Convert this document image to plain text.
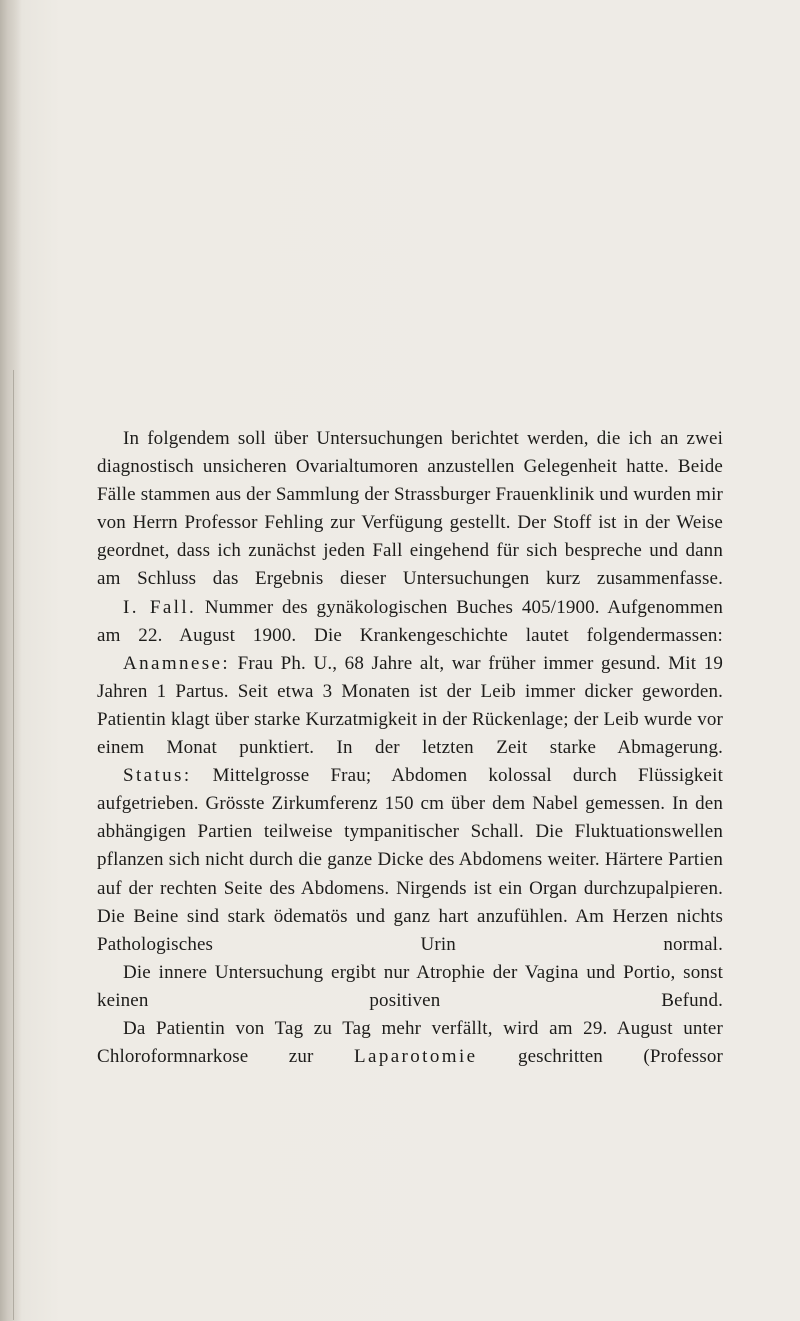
In folgendem soll über Untersuchungen berichtet werden, die ich an zwei diagnostisch unsicheren Ovarialtumoren anzustellen Gelegenheit hatte. Beide Fälle stammen aus der Sammlung der Strassburger Frauenklinik und wurden mir von Herrn Professor Fehling zur Verfügung gestellt. Der Stoff ist in der Weise geordnet, dass ich zunächst jeden Fall eingehend für sich bespreche und dann am Schluss das Ergebnis dieser Untersuchungen kurz zusammenfasse.

I. Fall. Nummer des gynäkologischen Buches 405/1900. Aufgenommen am 22. August 1900. Die Krankengeschichte lautet folgendermassen:

Anamnese: Frau Ph. U., 68 Jahre alt, war früher immer gesund. Mit 19 Jahren 1 Partus. Seit etwa 3 Monaten ist der Leib immer dicker geworden. Patientin klagt über starke Kurzatmigkeit in der Rückenlage; der Leib wurde vor einem Monat punktiert. In der letzten Zeit starke Abmagerung.

Status: Mittelgrosse Frau; Abdomen kolossal durch Flüssigkeit aufgetrieben. Grösste Zirkumferenz 150 cm über dem Nabel gemessen. In den abhängigen Partien teilweise tympanitischer Schall. Die Fluktuationswellen pflanzen sich nicht durch die ganze Dicke des Abdomens weiter. Härtere Partien auf der rechten Seite des Abdomens. Nirgends ist ein Organ durchzupalpieren. Die Beine sind stark ödematös und ganz hart anzufühlen. Am Herzen nichts Pathologisches Urin normal.

Die innere Untersuchung ergibt nur Atrophie der Vagina und Portio, sonst keinen positiven Befund.

Da Patientin von Tag zu Tag mehr verfällt, wird am 29. August unter Chloroformnarkose zur Laparotomie geschritten (Professor
